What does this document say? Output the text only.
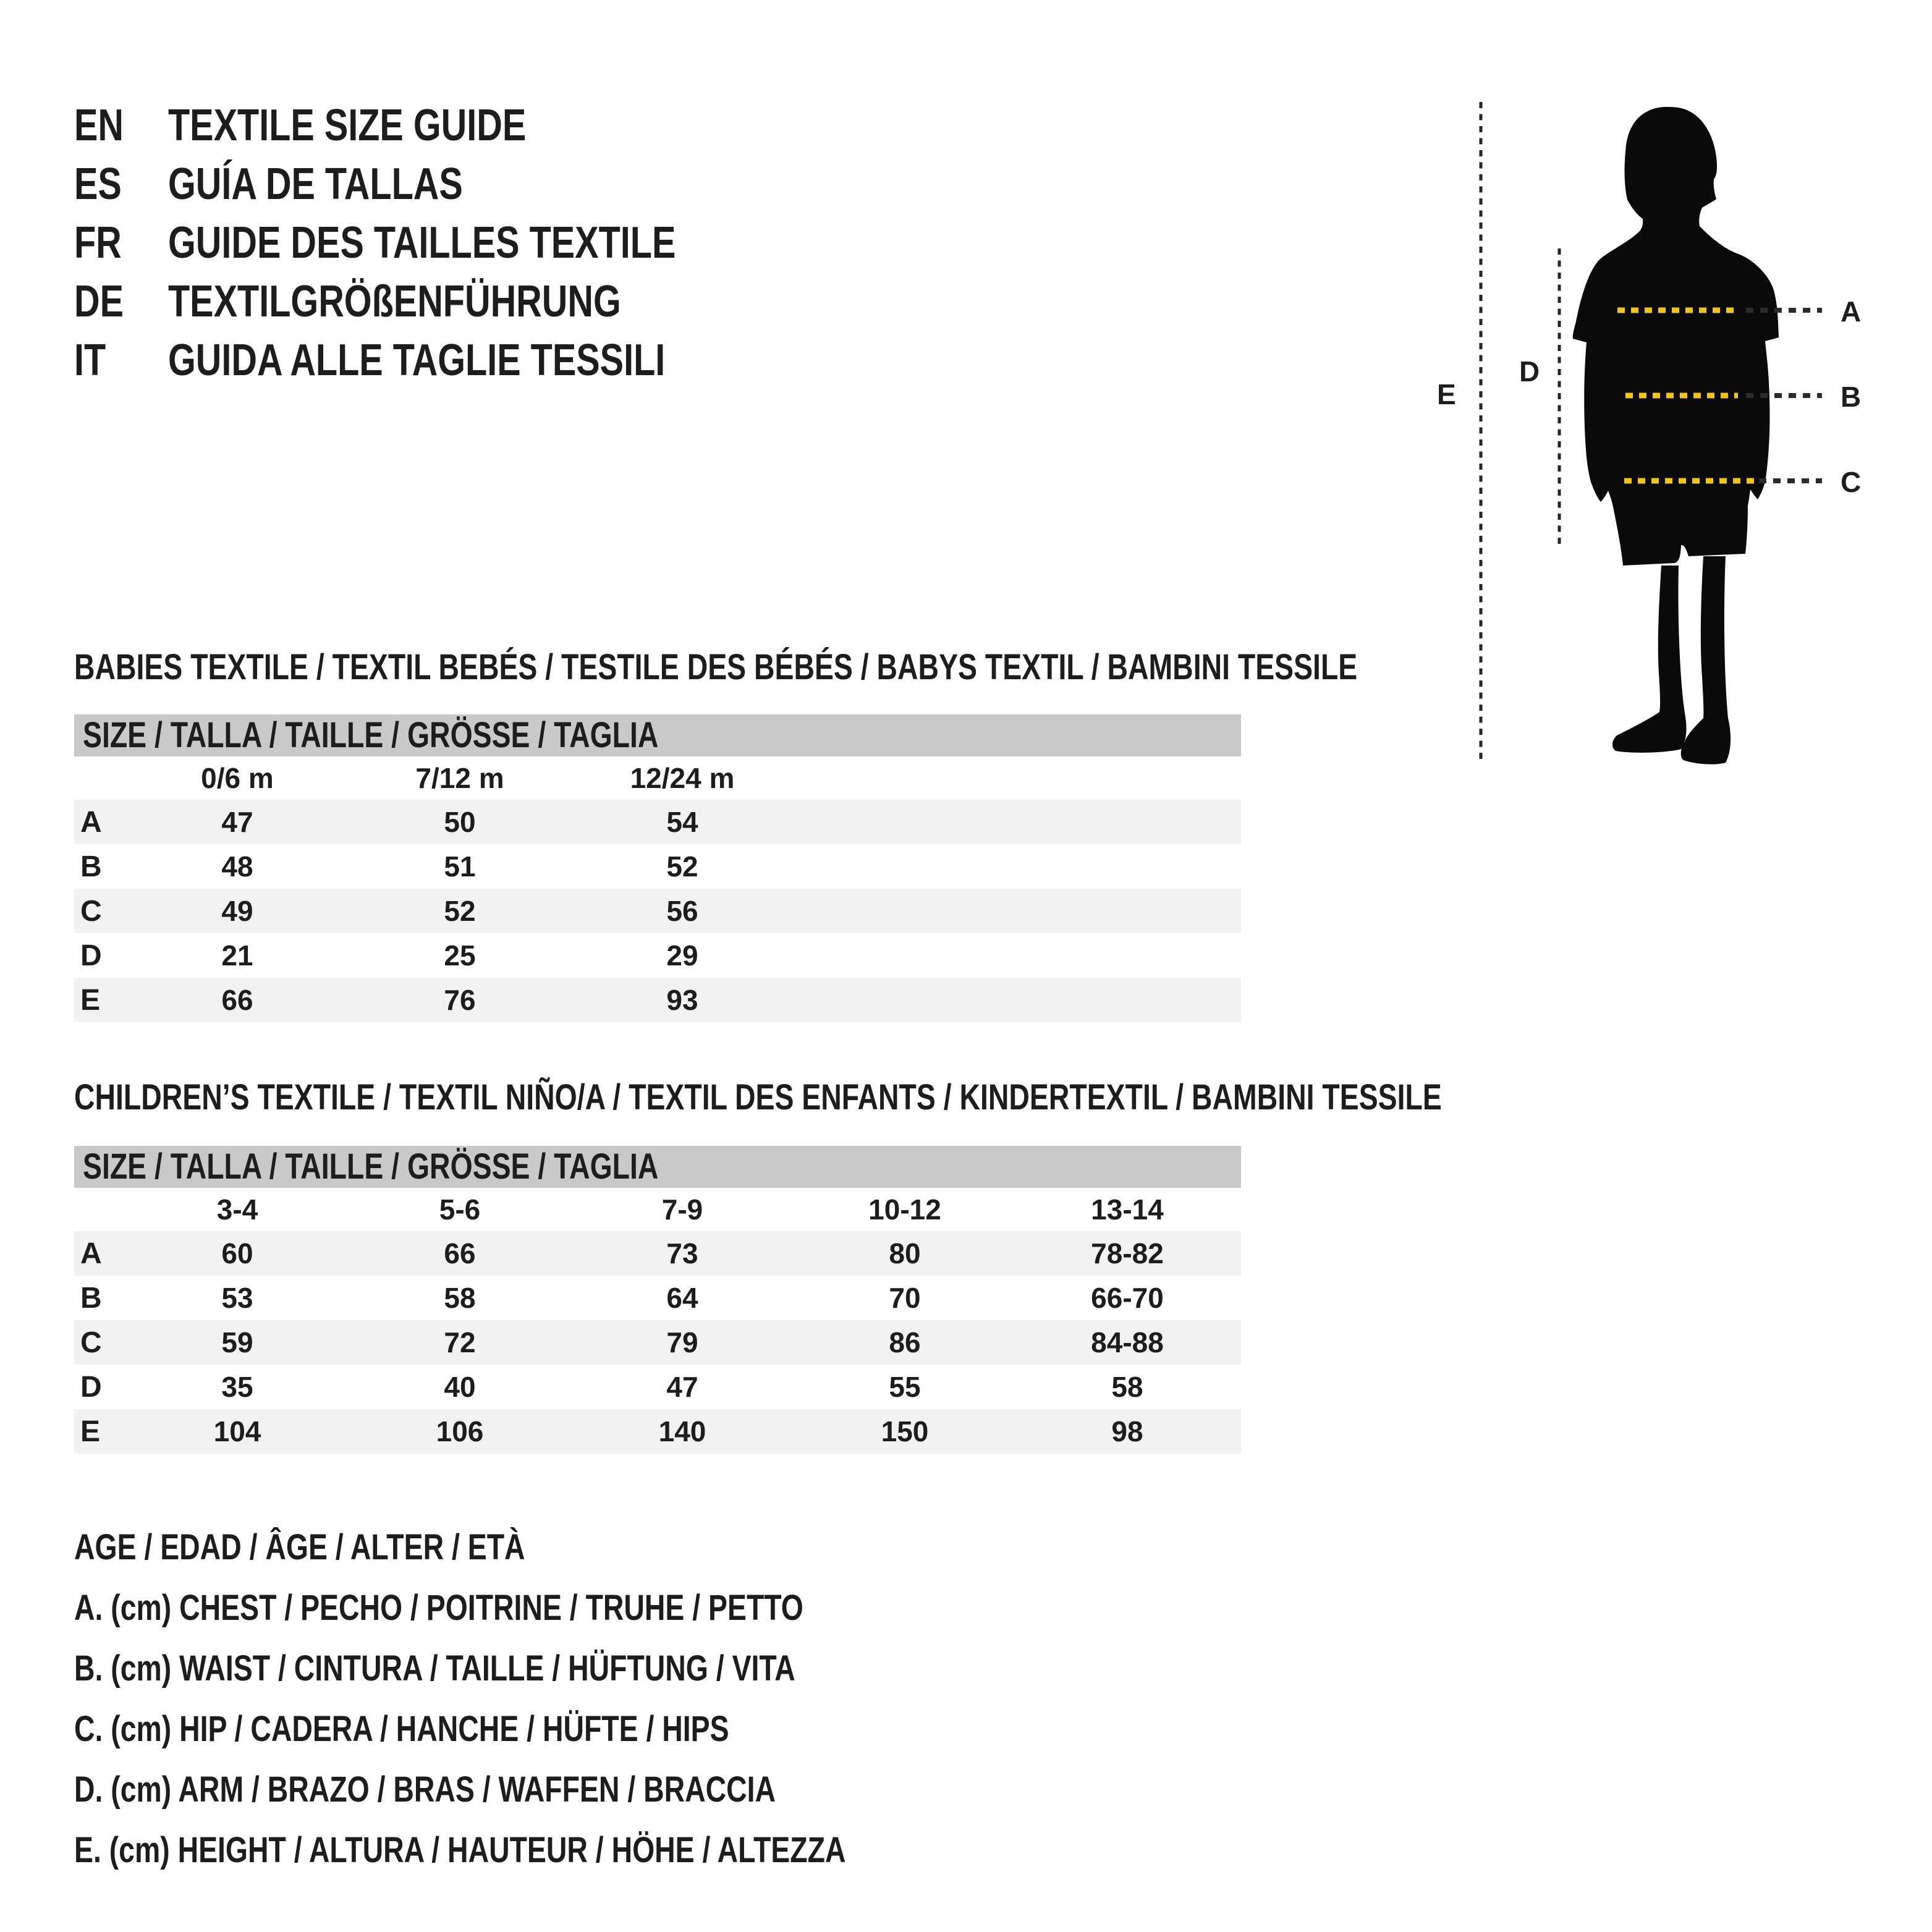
EN TEXTILE SIZE GUIDE
ES	GUÍA DE TALLAS
FR	GUIDE DES TAILLES TEXTILE
DE TEXTILGRÖßENFÜHRUNG
IT	GUIDA ALLE TAGLIE TESSILI
A
B
C
D
E
BABIES TEXTILE / TEXTIL BEBÉS / TESTILE DES BÉBÉS / BABYS TEXTIL / BAMBINI TESSILE
SIZE / TALLA / TAILLE / GRÖSSE / TAGLIA
0/6 m	7/12 m	12/24 m
A	47	50	54
B	48	51	52
C	49	52	56
D	21	25	29
E	66	76	93
CHILDREN’S TEXTILE / TEXTIL NIÑO/A / TEXTIL DES ENFANTS / KINDERTEXTIL / BAMBINI TESSILE
SIZE / TALLA / TAILLE / GRÖSSE / TAGLIA
3-4	5-6	7-9	10-12	13-14
A	60	66	73	80	78-82
B	53	58	64	70	66-70
C	59	72	79	86	84-88
D	35	40	47	55	58
E	104	106	140	150	98
AGE / EDAD / ÂGE / ALTER / ETÀ
A. (cm) CHEST / PECHO / POITRINE / TRUHE / PETTO
B. (cm) WAIST / CINTURA / TAILLE / HÜFTUNG / VITA
C. (cm) HIP / CADERA / HANCHE / HÜFTE / HIPS
D. (cm) ARM / BRAZO / BRAS / WAFFEN / BRACCIA
E. (cm) HEIGHT / ALTURA / HAUTEUR / HÖHE / ALTEZZA
